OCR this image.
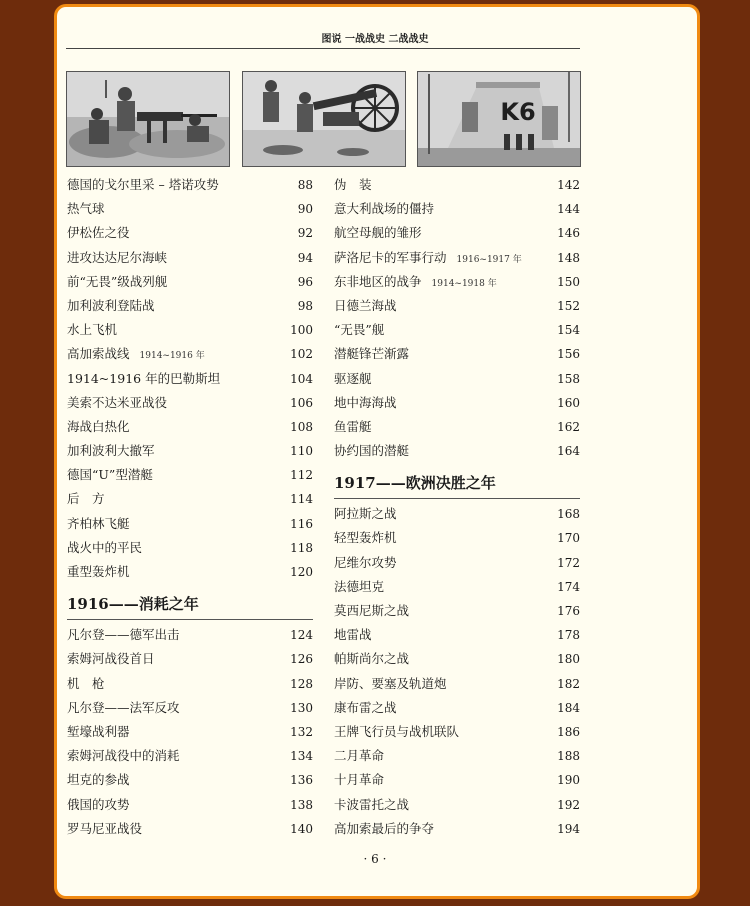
图说 一战战史 二战战史
K6
德国的戈尔里采 – 塔诺攻势	88
热气球	90
伊松佐之役	92
进攻达达尼尔海峡	94
前“无畏”级战列舰	96
加利波利登陆战	98
水上飞机	100
高加索战线 1914~1916 年	102
1914~1916 年的巴勒斯坦	104
美索不达米亚战役	106
海战白热化	108
加利波利大撤军	110
德国“U”型潜艇	112
后　方	114
齐柏林飞艇	116
战火中的平民	118
重型轰炸机	120
1916——消耗之年
凡尔登——德军出击	124
索姆河战役首日	126
机　枪	128
凡尔登——法军反攻	130
堑壕战利器	132
索姆河战役中的消耗	134
坦克的参战	136
俄国的攻势	138
罗马尼亚战役	140
伪　装	142
意大利战场的僵持	144
航空母舰的雏形	146
萨洛尼卡的军事行动 1916~1917 年	148
东非地区的战争 1914~1918 年	150
日德兰海战	152
“无畏”舰	154
潜艇锋芒渐露	156
驱逐舰	158
地中海海战	160
鱼雷艇	162
协约国的潜艇	164
1917——欧洲决胜之年
阿拉斯之战	168
轻型轰炸机	170
尼维尔攻势	172
法德坦克	174
莫西尼斯之战	176
地雷战	178
帕斯尚尔之战	180
岸防、要塞及轨道炮	182
康布雷之战	184
王牌飞行员与战机联队	186
二月革命	188
十月革命	190
卡波雷托之战	192
高加索最后的争夺	194
· 6 ·
